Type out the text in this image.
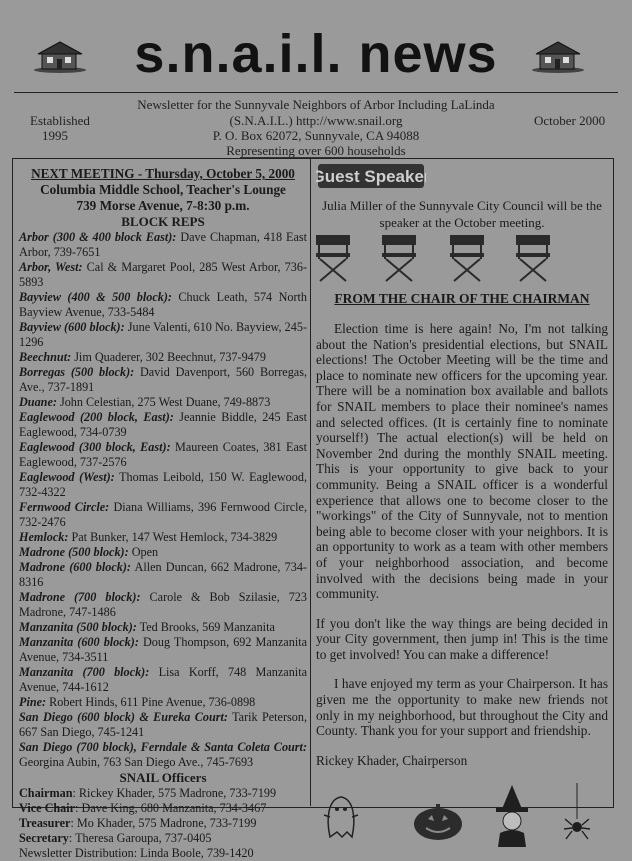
s.n.a.i.l. news
Newsletter for the Sunnyvale Neighbors of Arbor Including LaLinda
Established
1995
(S.N.A.I.L.) http://www.snail.org
P. O. Box 62072, Sunnyvale, CA 94088
Representing over 600 households
October 2000
NEXT MEETING - Thursday, October 5, 2000
Columbia Middle School, Teacher's Lounge
739 Morse Avenue, 7-8:30 p.m.
BLOCK REPS

Arbor (300 & 400 block East): Dave Chapman, 418 East Arbor, 739-7651

Arbor, West: Cal & Margaret Pool, 285 West Arbor, 736-5893

Bayview (400 & 500 block): Chuck Leath, 574 North Bayview Avenue, 733-5484

Bayview (600 block): June Valenti, 610 No. Bayview, 245-1296

Beechnut: Jim Quaderer, 302 Beechnut, 737-9479

Borregas (500 block): David Davenport, 560 Borregas, Ave., 737-1891

Duane: John Celestian, 275 West Duane, 749-8873

Eaglewood (200 block, East): Jeannie Biddle, 245 East Eaglewood, 734-0739

Eaglewood (300 block, East): Maureen Coates, 381 East Eaglewood, 737-2576

Eaglewood (West): Thomas Leibold, 150 W. Eaglewood, 732-4322

Fernwood Circle: Diana Williams, 396 Fernwood Circle, 732-2476

Hemlock: Pat Bunker, 147 West Hemlock, 734-3829

Madrone (500 block): Open

Madrone (600 block): Allen Duncan, 662 Madrone, 734-8316

Madrone (700 block): Carole & Bob Szilasie, 723 Madrone, 747-1486

Manzanita (500 block): Ted Brooks, 569 Manzanita

Manzanita (600 block): Doug Thompson, 692 Manzanita Avenue, 734-3511

Manzanita (700 block): Lisa Korff, 748 Manzanita Avenue, 744-1612

Pine: Robert Hinds, 611 Pine Avenue, 736-0898

San Diego (600 block) & Eureka Court: Tarik Peterson, 667 San Diego, 745-1241

San Diego (700 block), Ferndale & Santa Coleta Court: Georgina Aubin, 763 San Diego Ave., 745-7693

SNAIL Officers

Chairman: Rickey Khader, 575 Madrone, 733-7199

Vice Chair: Dave King, 680 Manzanita, 734-3467

Treasurer: Mo Khader, 575 Madrone, 733-7199

Secretary: Theresa Garoupa, 737-0405

Newsletter Distribution: Linda Boole, 739-1420

Guest Speaker
Julia Miller of the Sunnyvale City Council will be the speaker at the October meeting.
FROM THE CHAIR OF THE CHAIRMAN

Election time is here again! No, I'm not talking about the Nation's presidential elections, but SNAIL elections! The October Meeting will be the time and place to nominate new officers for the upcoming year. There will be a nomination box available and ballots for SNAIL members to place their nominee's names and selected offices. (It is certainly fine to nominate yourself!) The actual election(s) will be held on November 2nd during the monthly SNAIL meeting. This is your opportunity to give back to your community. Being a SNAIL officer is a wonderful experience that allows one to become closer to the "workings" of the City of Sunnyvale, not to mention being able to become closer with your neighbors. It is an opportunity to work as a team with other members of your neighborhood association, and become involved with the decisions being made in your community.

If you don't like the way things are being decided in your City government, then jump in! This is the time to get involved! You can make a difference!

I have enjoyed my term as your Chairperson. It has given me the opportunity to make new friends not only in my neighborhood, but throughout the City and County. Thank you for your support and friendship.

Rickey Khader, Chairperson
